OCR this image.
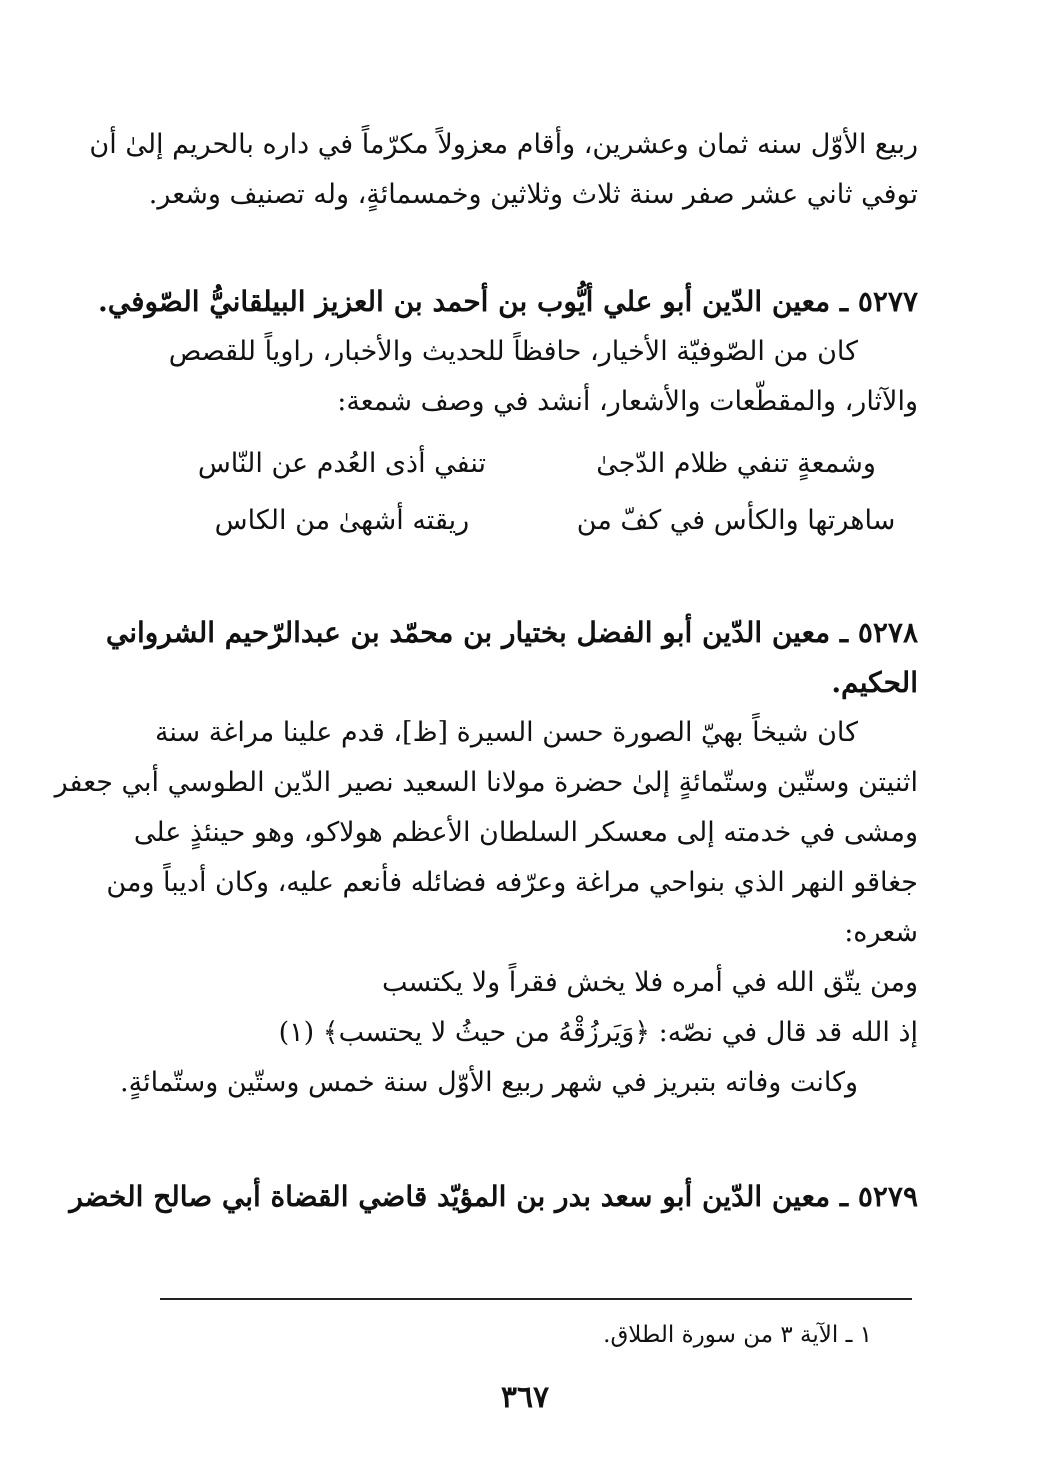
ربيع الأوّل سنه ثمان وعشرين، وأقام معزولاً مكرّماً في داره بالحريم إلىٰ أن
توفي ثاني عشر صفر سنة ثلاث وثلاثين وخمسمائةٍ، وله تصنيف وشعر.
٥٢٧٧ ـ معين الدّين أبو علي أيُّوب بن أحمد بن العزيز البيلقانيُّ الصّوفي.
كان من الصّوفيّة الأخيار، حافظاً للحديث والأخبار، راوياً للقصص
والآثار، والمقطّعات والأشعار، أنشد في وصف شمعة:
وشمعةٍ تنفي ظلام الدّجىٰ
تنفي أذى العُدم عن النّاس
ساهرتها والكأس في كفّ من
ريقته أشهىٰ من الكاس
٥٢٧٨ ـ معين الدّين أبو الفضل بختيار بن محمّد بن عبدالرّحيم الشرواني
الحكيم.
كان شيخاً بهيّ الصورة حسن السيرة [ظ]، قدم علينا مراغة سنة
اثنيتن وستّين وستّمائةٍ إلىٰ حضرة مولانا السعيد نصير الدّين الطوسي أبي جعفر
ومشى في خدمته إلى معسكر السلطان الأعظم هولاكو، وهو حينئذٍ على
جغاقو النهر الذي بنواحي مراغة وعرّفه فضائله فأنعم عليه، وكان أديباً ومن
شعره:
ومن يتّق الله في أمره فلا يخش فقراً ولا يكتسب
إذ الله قد قال في نصّه: ﴿وَيَرزُقْهُ من حيثُ لا يحتسب﴾ (١)
وكانت وفاته بتبريز في شهر ربيع الأوّل سنة خمس وستّين وستّمائةٍ.
٥٢٧٩ ـ معين الدّين أبو سعد بدر بن المؤيّد قاضي القضاة أبي صالح الخضر
١ ـ الآية ٣ من سورة الطلاق.
٣٦٧
